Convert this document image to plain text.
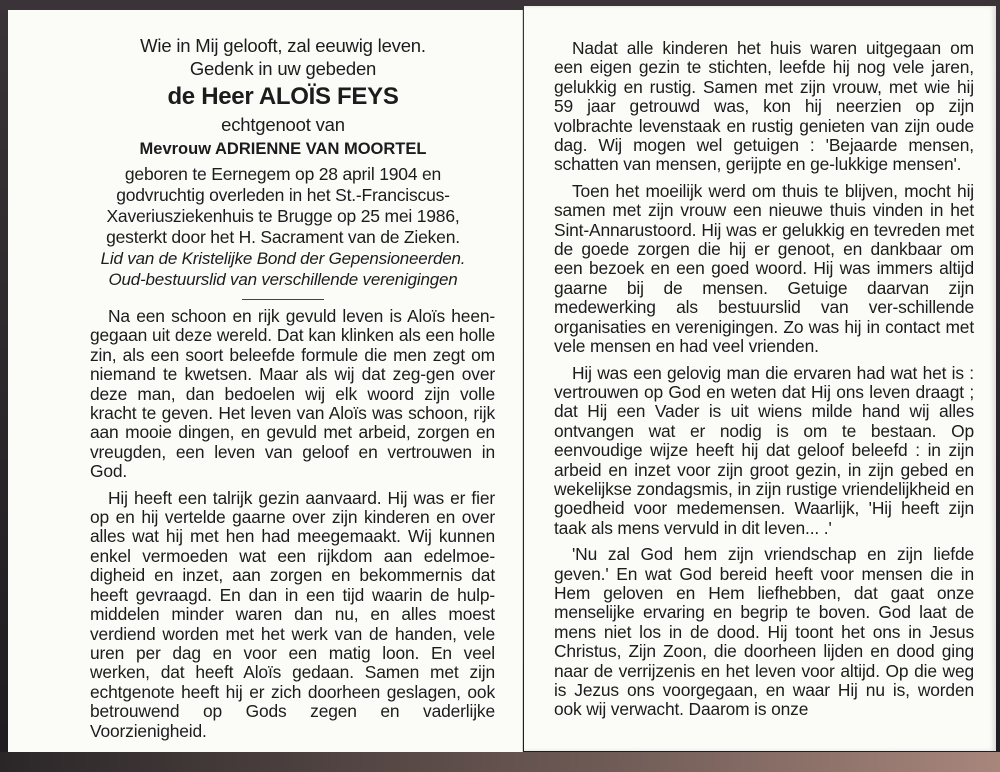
Wie in Mij gelooft, zal eeuwig leven.
Gedenk in uw gebeden
de Heer ALOÏS FEYS
echtgenoot van
Mevrouw ADRIENNE VAN MOORTEL
geboren te Eernegem op 28 april 1904 en
godvruchtig overleden in het St.-Franciscus-
Xaveriusziekenhuis te Brugge op 25 mei 1986,
gesterkt door het H. Sacrament van de Zieken.
Lid van de Kristelijke Bond der Gepensioneerden.
Oud-bestuurslid van verschillende verenigingen

Na een schoon en rijk gevuld leven is Aloïs heen-gegaan uit deze wereld. Dat kan klinken als een holle zin, als een soort beleefde formule die men zegt om niemand te kwetsen. Maar als wij dat zeg-gen over deze man, dan bedoelen wij elk woord zijn volle kracht te geven. Het leven van Aloïs was schoon, rijk aan mooie dingen, en gevuld met arbeid, zorgen en vreugden, een leven van geloof en vertrouwen in God.

Hij heeft een talrijk gezin aanvaard. Hij was er fier op en hij vertelde gaarne over zijn kinderen en over alles wat hij met hen had meegemaakt. Wij kunnen enkel vermoeden wat een rijkdom aan edelmoe-digheid en inzet, aan zorgen en bekommernis dat heeft gevraagd. En dan in een tijd waarin de hulp-middelen minder waren dan nu, en alles moest verdiend worden met het werk van de handen, vele uren per dag en voor een matig loon. En veel werken, dat heeft Aloïs gedaan. Samen met zijn echtgenote heeft hij er zich doorheen geslagen, ook betrouwend op Gods zegen en vaderlijke Voorzienigheid.

Nadat alle kinderen het huis waren uitgegaan om een eigen gezin te stichten, leefde hij nog vele jaren, gelukkig en rustig. Samen met zijn vrouw, met wie hij 59 jaar getrouwd was, kon hij neerzien op zijn volbrachte levenstaak en rustig genieten van zijn oude dag. Wij mogen wel getuigen : 'Bejaarde mensen, schatten van mensen, gerijpte en ge-lukkige mensen'.

Toen het moeilijk werd om thuis te blijven, mocht hij samen met zijn vrouw een nieuwe thuis vinden in het Sint-Annarustoord. Hij was er gelukkig en tevreden met de goede zorgen die hij er genoot, en dankbaar om een bezoek en een goed woord. Hij was immers altijd gaarne bij de mensen. Getuige daarvan zijn medewerking als bestuurslid van ver-schillende organisaties en verenigingen. Zo was hij in contact met vele mensen en had veel vrienden.

Hij was een gelovig man die ervaren had wat het is : vertrouwen op God en weten dat Hij ons leven draagt ; dat Hij een Vader is uit wiens milde hand wij alles ontvangen wat er nodig is om te bestaan. Op eenvoudige wijze heeft hij dat geloof beleefd : in zijn arbeid en inzet voor zijn groot gezin, in zijn gebed en wekelijkse zondagsmis, in zijn rustige vriendelijkheid en goedheid voor medemensen. Waarlijk, 'Hij heeft zijn taak als mens vervuld in dit leven... .'

'Nu zal God hem zijn vriendschap en zijn liefde geven.' En wat God bereid heeft voor mensen die in Hem geloven en Hem liefhebben, dat gaat onze menselijke ervaring en begrip te boven. God laat de mens niet los in de dood. Hij toont het ons in Jesus Christus, Zijn Zoon, die doorheen lijden en dood ging naar de verrijzenis en het leven voor altijd. Op die weg is Jezus ons voorgegaan, en waar Hij nu is, worden ook wij verwacht. Daarom is onze
